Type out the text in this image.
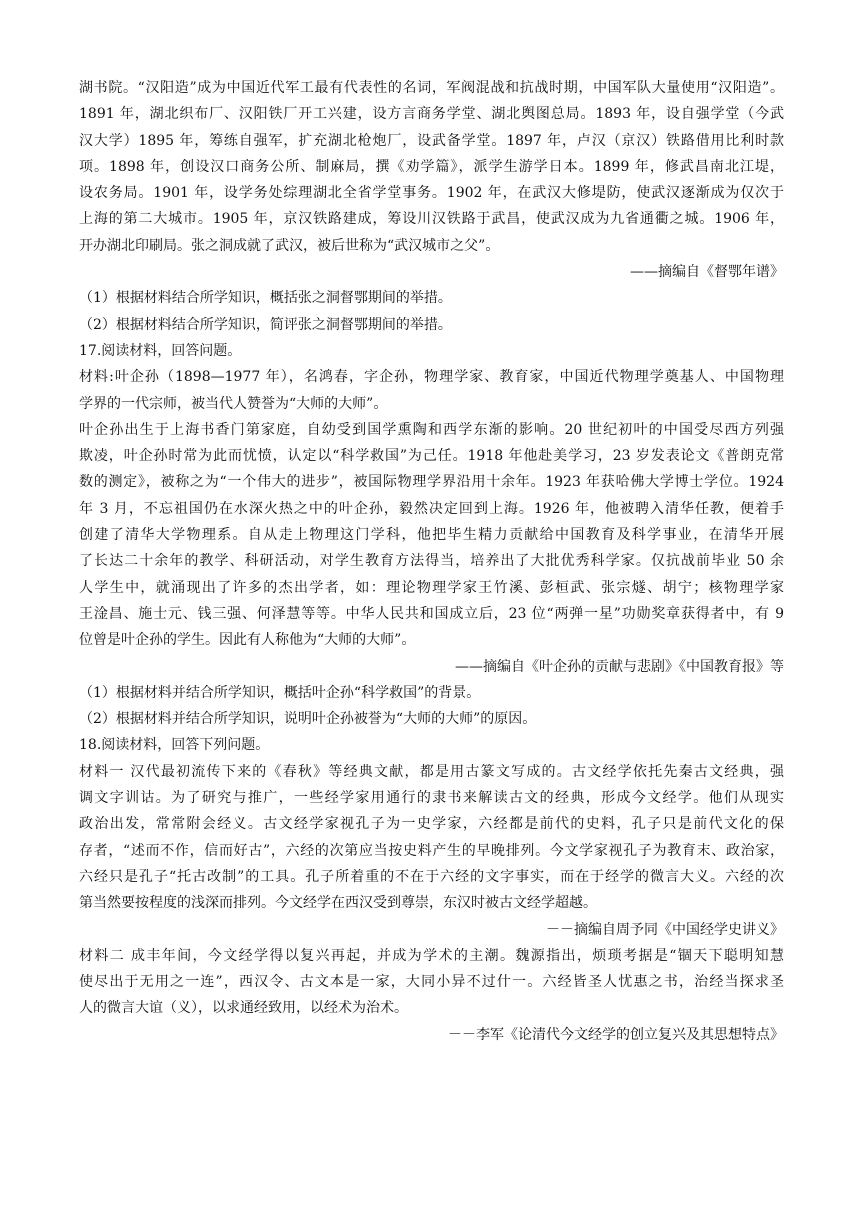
湖书院。“汉阳造”成为中国近代军工最有代表性的名词，军阀混战和抗战时期，中国军队大量使用“汉阳造”。
1891 年，湖北织布厂、汉阳铁厂开工兴建，设方言商务学堂、湖北舆图总局。1893 年，设自强学堂（今武
汉大学）1895 年，筹练自强军，扩充湖北枪炮厂，设武备学堂。1897 年，卢汉（京汉）铁路借用比利时款
项。1898 年，创设汉口商务公所、制麻局，撰《劝学篇》，派学生游学日本。1899 年，修武昌南北江堤，
设农务局。1901 年，设学务处综理湖北全省学堂事务。1902 年，在武汉大修堤防，使武汉逐渐成为仅次于
上海的第二大城市。1905 年，京汉铁路建成，筹设川汉铁路于武昌，使武汉成为九省通衢之城。1906 年，
开办湖北印刷局。张之洞成就了武汉，被后世称为“武汉城市之父”。
——摘编自《督鄂年谱》
（1）根据材料结合所学知识，概括张之洞督鄂期间的举措。
（2）根据材料结合所学知识，简评张之洞督鄂期间的举措。
17.阅读材料，回答问题。
材料:叶企孙（1898—1977 年），名鸿春，字企孙，物理学家、教育家，中国近代物理学奠基人、中国物理
学界的一代宗师，被当代人赞誉为“大师的大师”。
叶企孙出生于上海书香门第家庭，自幼受到国学熏陶和西学东渐的影响。20 世纪初叶的中国受尽西方列强
欺凌，叶企孙时常为此而忧愤，认定以“科学救国”为己任。1918 年他赴美学习，23 岁发表论文《普朗克常
数的测定》，被称之为“一个伟大的进步”，被国际物理学界沿用十余年。1923 年获哈佛大学博士学位。1924
年 3 月，不忘祖国仍在水深火热之中的叶企孙，毅然决定回到上海。1926 年，他被聘入清华任教，便着手
创建了清华大学物理系。自从走上物理这门学科，他把毕生精力贡献给中国教育及科学事业，在清华开展
了长达二十余年的教学、科研活动，对学生教育方法得当，培养出了大批优秀科学家。仅抗战前毕业 50 余
人学生中，就涌现出了许多的杰出学者，如：理论物理学家王竹溪、彭桓武、张宗燧、胡宁；核物理学家
王淦昌、施士元、钱三强、何泽慧等等。中华人民共和国成立后，23 位“两弹一星”功勋奖章获得者中，有 9
位曾是叶企孙的学生。因此有人称他为“大师的大师”。
——摘编自《叶企孙的贡献与悲剧》《中国教育报》等
（1）根据材料并结合所学知识，概括叶企孙“科学救国”的背景。
（2）根据材料并结合所学知识，说明叶企孙被誉为“大师的大师”的原因。
18.阅读材料，回答下列问题。
材料一 汉代最初流传下来的《春秋》等经典文献，都是用古篆文写成的。古文经学依托先秦古文经典，强
调文字训诂。为了研究与推广，一些经学家用通行的隶书来解读古文的经典，形成今文经学。他们从现实
政治出发，常常附会经义。古文经学家视孔子为一史学家，六经都是前代的史料，孔子只是前代文化的保
存者，“述而不作，信而好古”，六经的次第应当按史料产生的早晚排列。今文学家视孔子为教育末、政治家，
六经只是孔子“托古改制”的工具。孔子所着重的不在于六经的文字事实，而在于经学的微言大义。六经的次
第当然要按程度的浅深而排列。今文经学在西汉受到尊崇，东汉时被古文经学超越。
－－摘编自周予同《中国经学史讲义》
材料二 成丰年间，今文经学得以复兴再起，并成为学术的主潮。魏源指出，烦琐考据是“锢天下聪明知慧
使尽出于无用之一连”，西汉令、古文本是一家，大同小异不过什一。六经皆圣人忧惠之书，治经当探求圣
人的微言大谊（义），以求通经致用，以经术为治术。
－－李军《论清代今文经学的创立复兴及其思想特点》
